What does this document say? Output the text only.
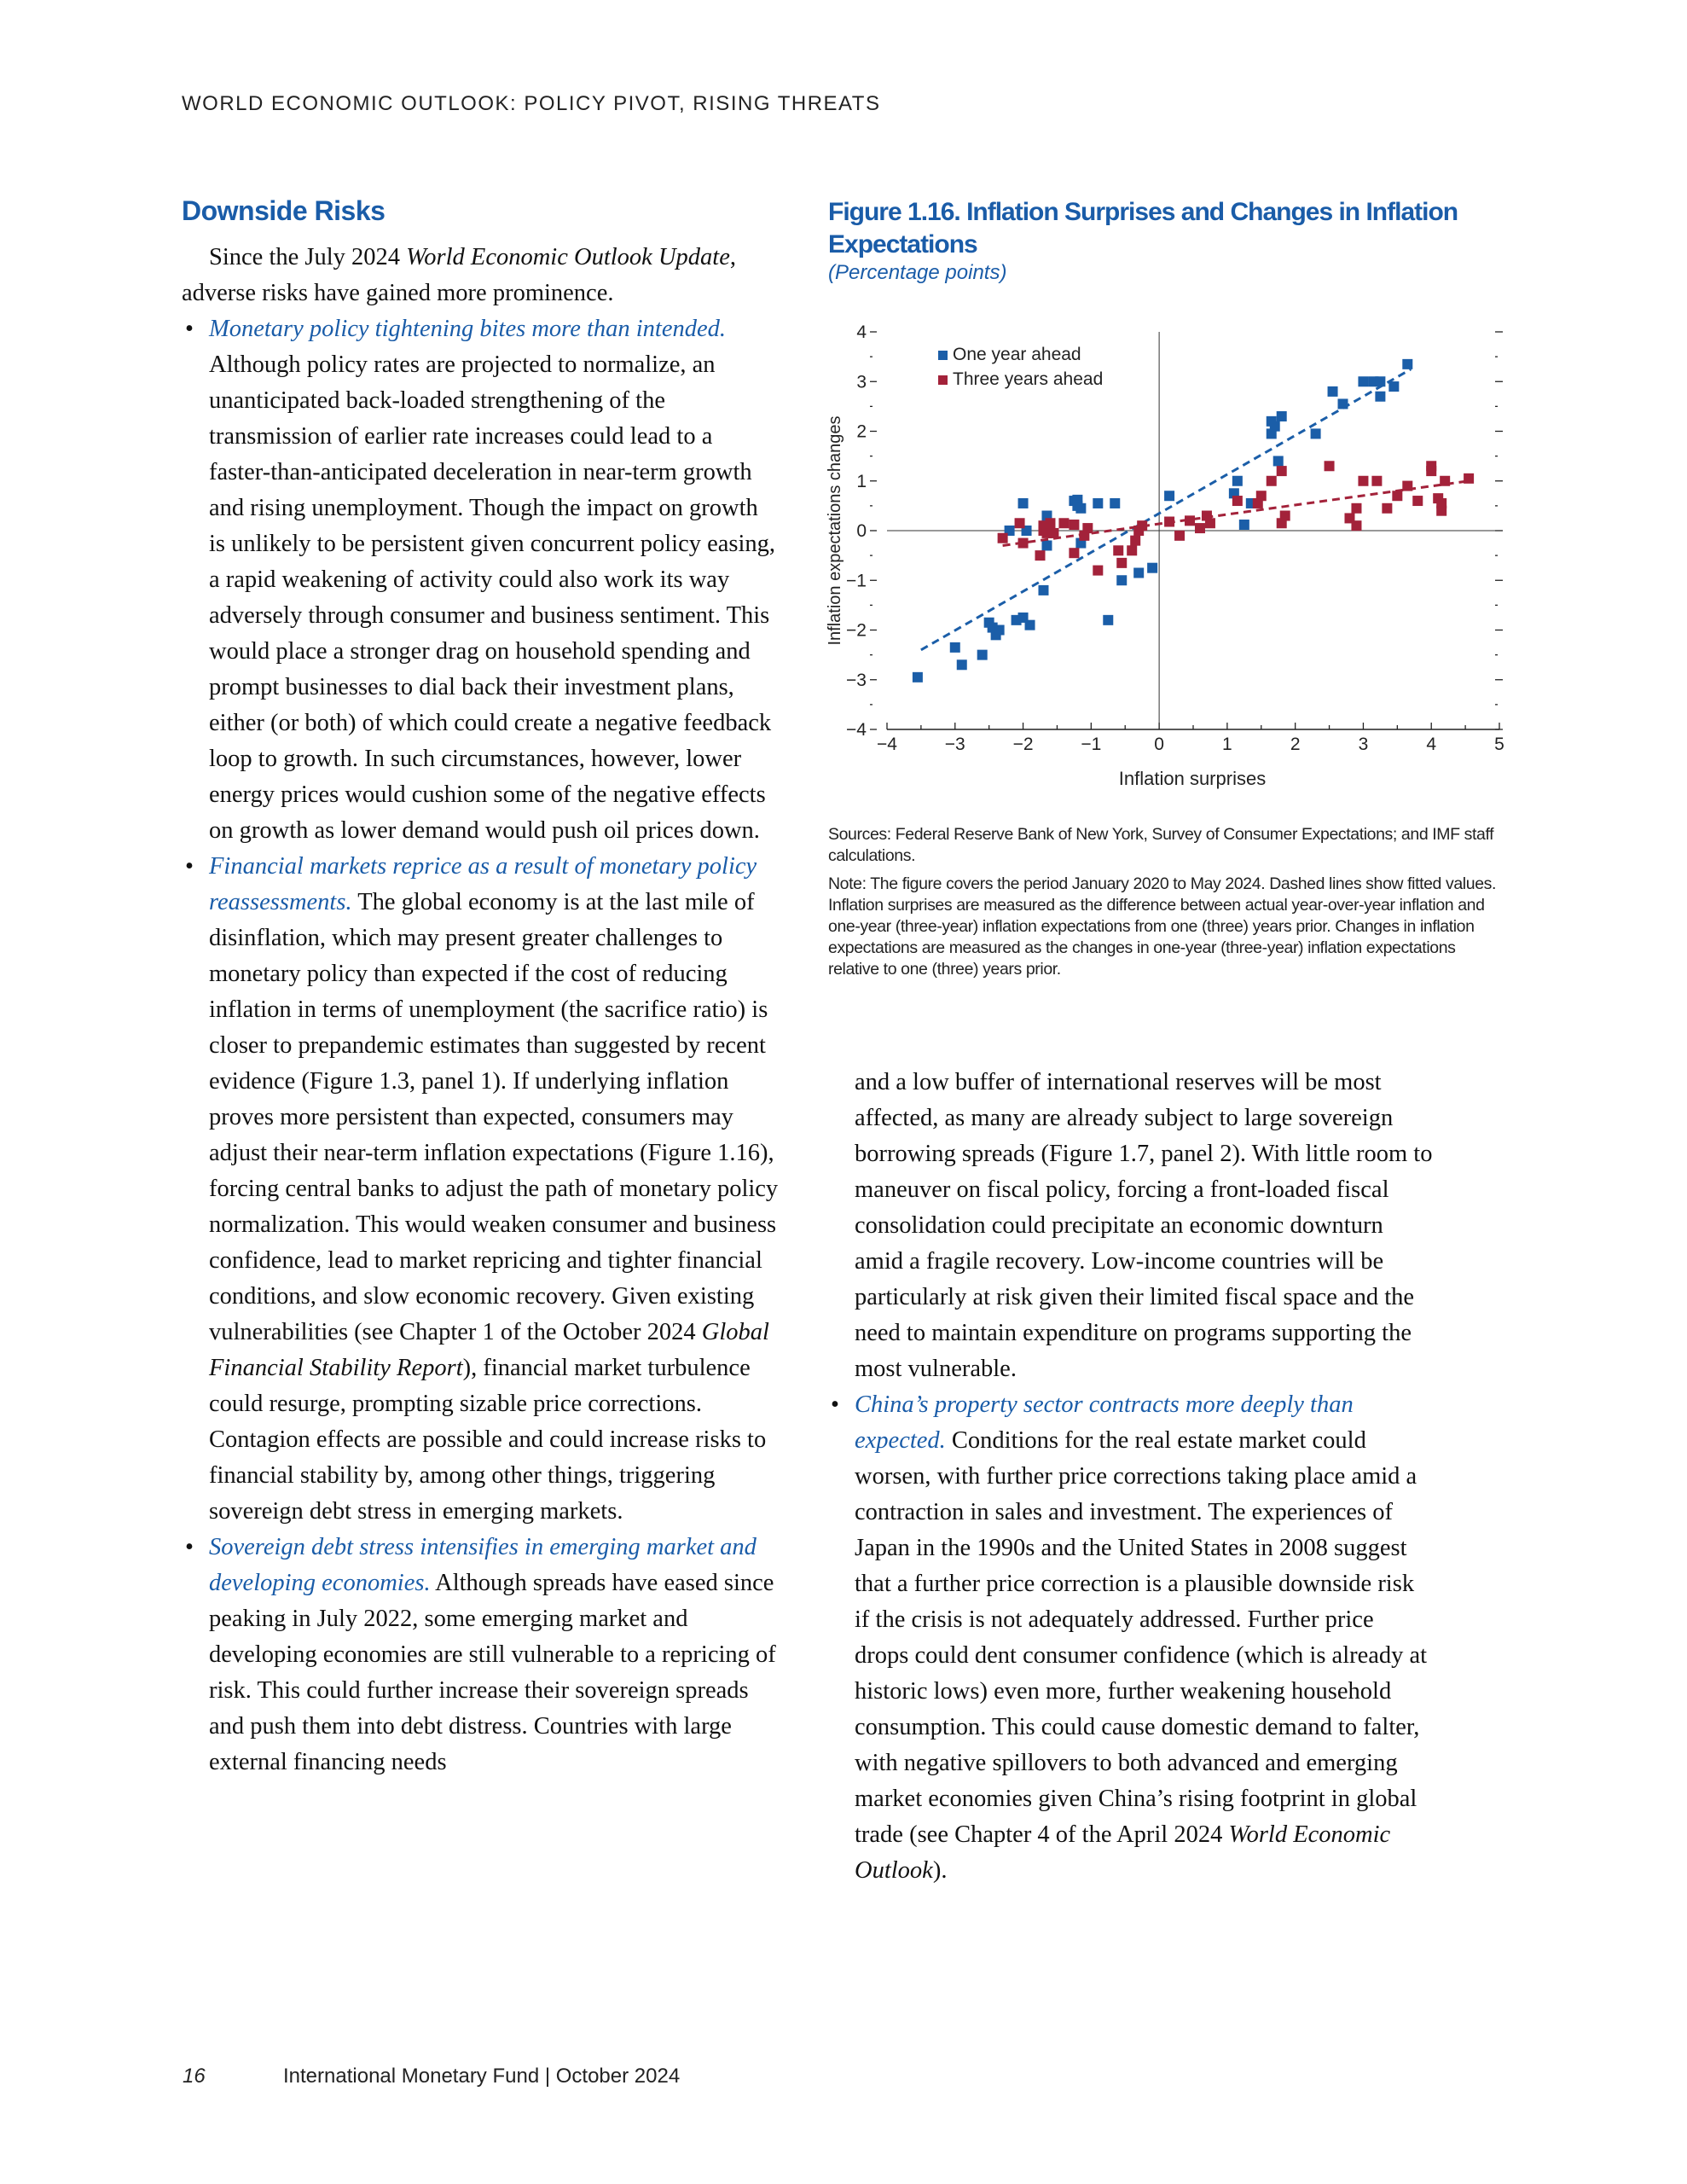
WORLD ECONOMIC OUTLOOK: POLICY PIVOT, RISING THREATS
Downside Risks

Since the July 2024 World Economic Outlook Update, adverse risks have gained more prominence.

• Monetary policy tightening bites more than intended. Although policy rates are projected to normalize, an unanticipated back-loaded strengthening of the transmission of earlier rate increases could lead to a faster-than-anticipated deceleration in near-term growth and rising unemployment. Though the impact on growth is unlikely to be persistent given concurrent policy easing, a rapid weakening of activity could also work its way adversely through consumer and business sentiment. This would place a stronger drag on household spending and prompt businesses to dial back their investment plans, either (or both) of which could create a negative feedback loop to growth. In such circumstances, however, lower energy prices would cushion some of the negative effects on growth as lower demand would push oil prices down.

• Financial markets reprice as a result of monetary policy reassessments. The global economy is at the last mile of disinflation, which may present greater challenges to monetary policy than expected if the cost of reducing inflation in terms of unemployment (the sacrifice ratio) is closer to prepandemic estimates than suggested by recent evidence (Figure 1.3, panel 1). If underlying inflation proves more persistent than expected, consumers may adjust their near-term inflation expectations (Figure 1.16), forcing central banks to adjust the path of monetary policy normalization. This would weaken consumer and business confidence, lead to market repricing and tighter financial conditions, and slow economic recovery. Given existing vulnerabilities (see Chapter 1 of the October 2024 Global Financial Stability Report), financial market turbulence could resurge, prompting sizable price corrections. Contagion effects are possible and could increase risks to financial stability by, among other things, triggering sovereign debt stress in emerging markets.

• Sovereign debt stress intensifies in emerging market and developing economies. Although spreads have eased since peaking in July 2022, some emerging market and developing economies are still vulnerable to a repricing of risk. This could further increase their sovereign spreads and push them into debt distress. Countries with large external financing needs

Figure 1.16. Inflation Surprises and Changes in Inflation Expectations
(Percentage points)
−4	−3	−2	−1	0	1	2	3	4	5
4
3
2
1
0
−1
−2
−3
−4
One year ahead
Three years ahead
Inflation surprises
Inflation expectations changes

Sources: Federal Reserve Bank of New York, Survey of Consumer Expectations; and IMF staff calculations.

Note: The figure covers the period January 2020 to May 2024. Dashed lines show fitted values. Inflation surprises are measured as the difference between actual year-over-year inflation and one-year (three-year) inflation expectations from one (three) years prior. Changes in inflation expectations are measured as the changes in one-year (three-year) inflation expectations relative to one (three) years prior.

and a low buffer of international reserves will be most affected, as many are already subject to large sovereign borrowing spreads (Figure 1.7, panel 2). With little room to maneuver on fiscal policy, forcing a front-loaded fiscal consolidation could precipitate an economic downturn amid a fragile recovery. Low-income countries will be particularly at risk given their limited fiscal space and the need to maintain expenditure on programs supporting the most vulnerable.

• China’s property sector contracts more deeply than expected. Conditions for the real estate market could worsen, with further price corrections taking place amid a contraction in sales and investment. The experiences of Japan in the 1990s and the United States in 2008 suggest that a further price correction is a plausible downside risk if the crisis is not adequately addressed. Further price drops could dent consumer confidence (which is already at historic lows) even more, further weakening household consumption. This could cause domestic demand to falter, with negative spillovers to both advanced and emerging market economies given China’s rising footprint in global trade (see Chapter 4 of the April 2024 World Economic Outlook).

16	International Monetary Fund | October 2024
